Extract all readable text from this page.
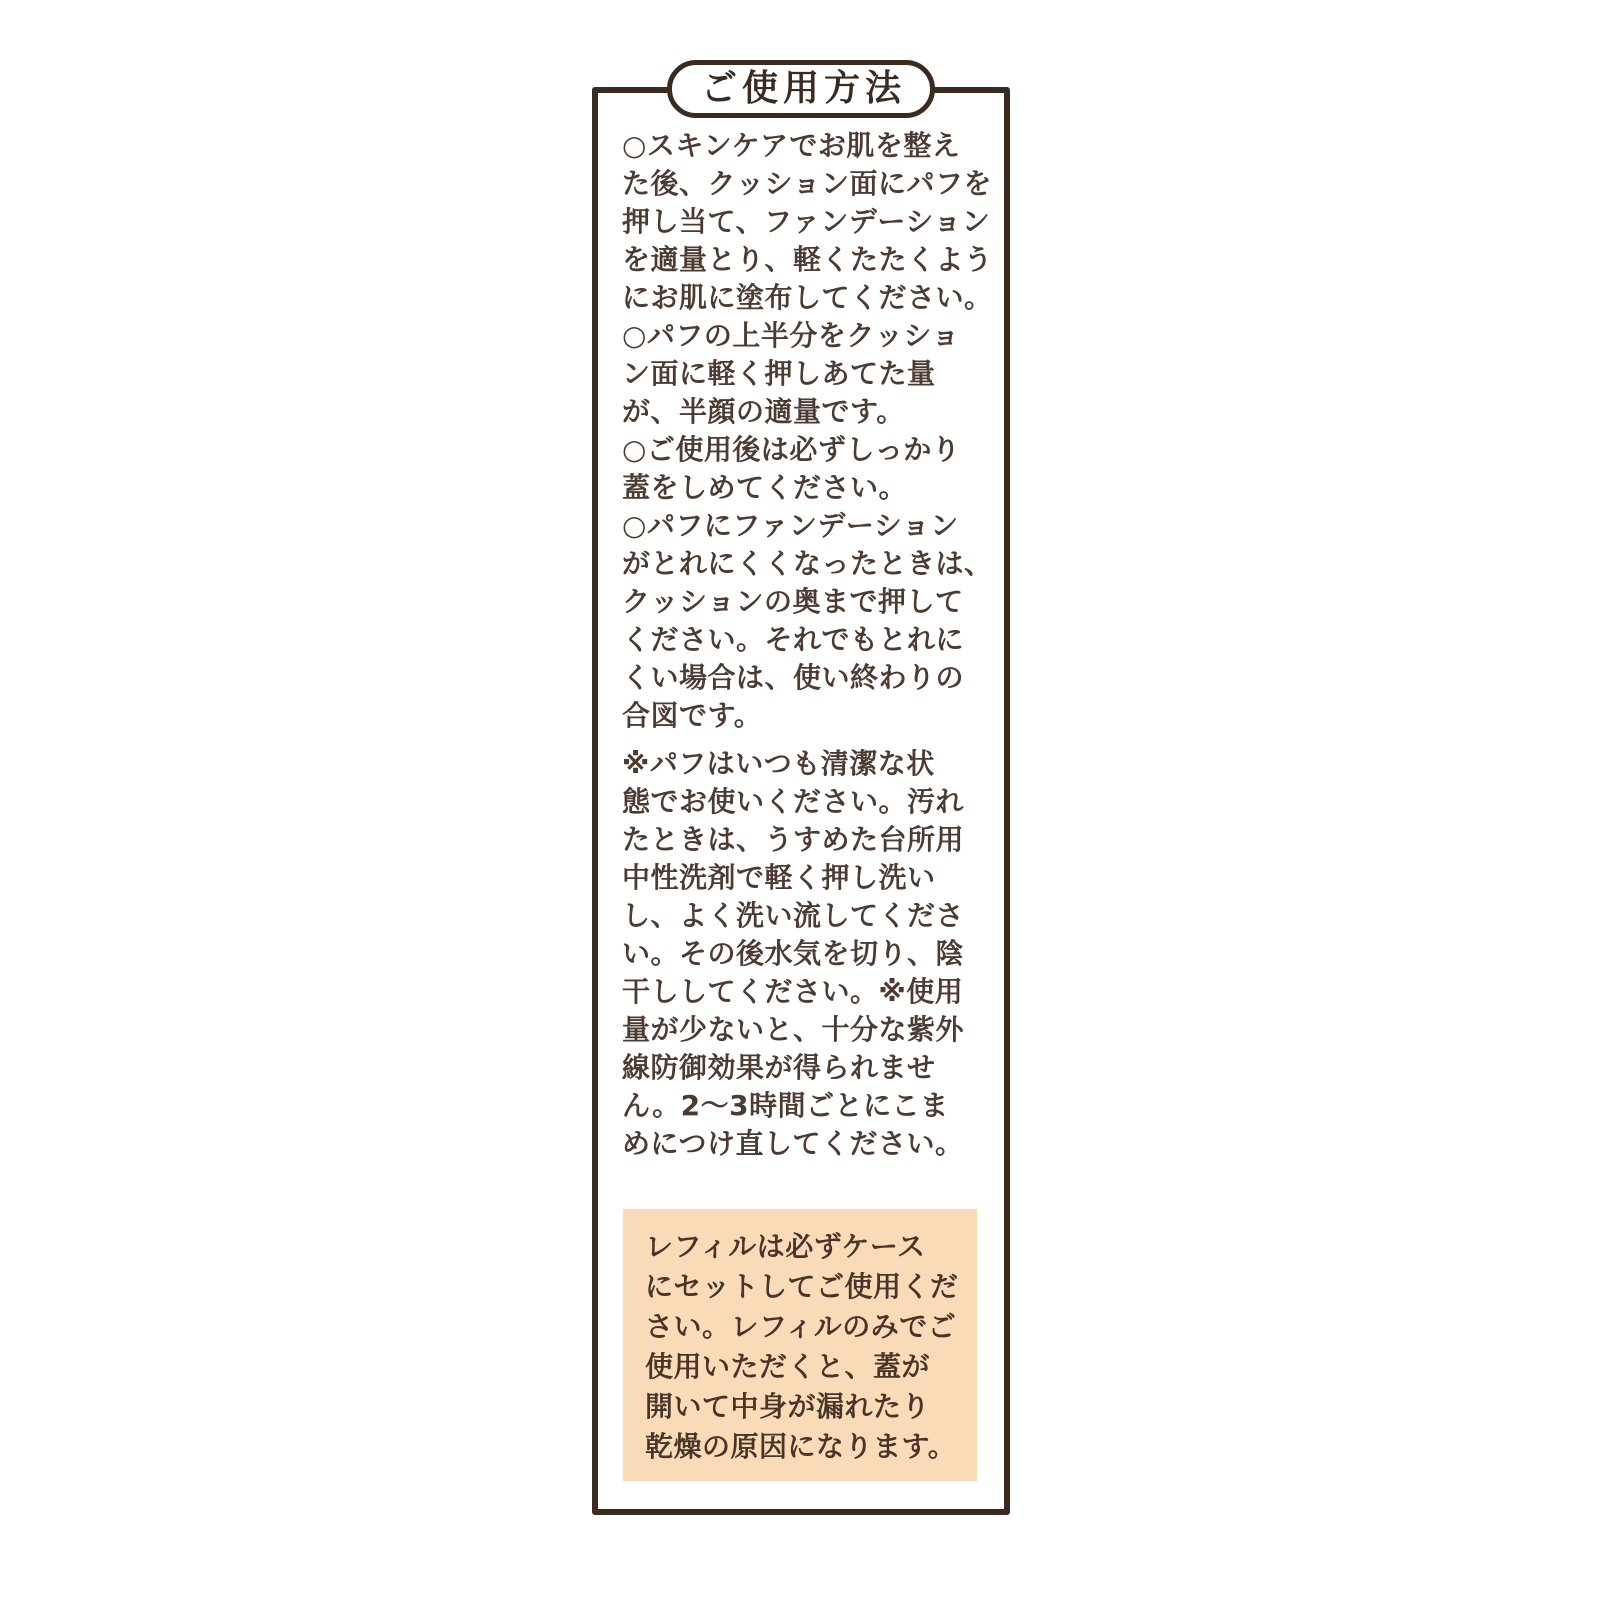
ご使用方法
○スキンケアでお肌を整え
た後、クッション面にパフを
押し当て、ファンデーション
を適量とり、軽くたたくよう
にお肌に塗布してください。
○パフの上半分をクッショ
ン面に軽く押しあてた量
が、半顔の適量です。
○ご使用後は必ずしっかり
蓋をしめてください。
○パフにファンデーション
がとれにくくなったときは、
クッションの奥まで押して
ください。それでもとれに
くい場合は、使い終わりの
合図です。
※パフはいつも清潔な状
態でお使いください。汚れ
たときは、うすめた台所用
中性洗剤で軽く押し洗い
し、よく洗い流してくださ
い。その後水気を切り、陰
干ししてください。※使用
量が少ないと、十分な紫外
線防御効果が得られませ
ん。2〜3時間ごとにこま
めにつけ直してください。
レフィルは必ずケース
にセットしてご使用くだ
さい。レフィルのみでご
使用いただくと、蓋が
開いて中身が漏れたり
乾燥の原因になります。
